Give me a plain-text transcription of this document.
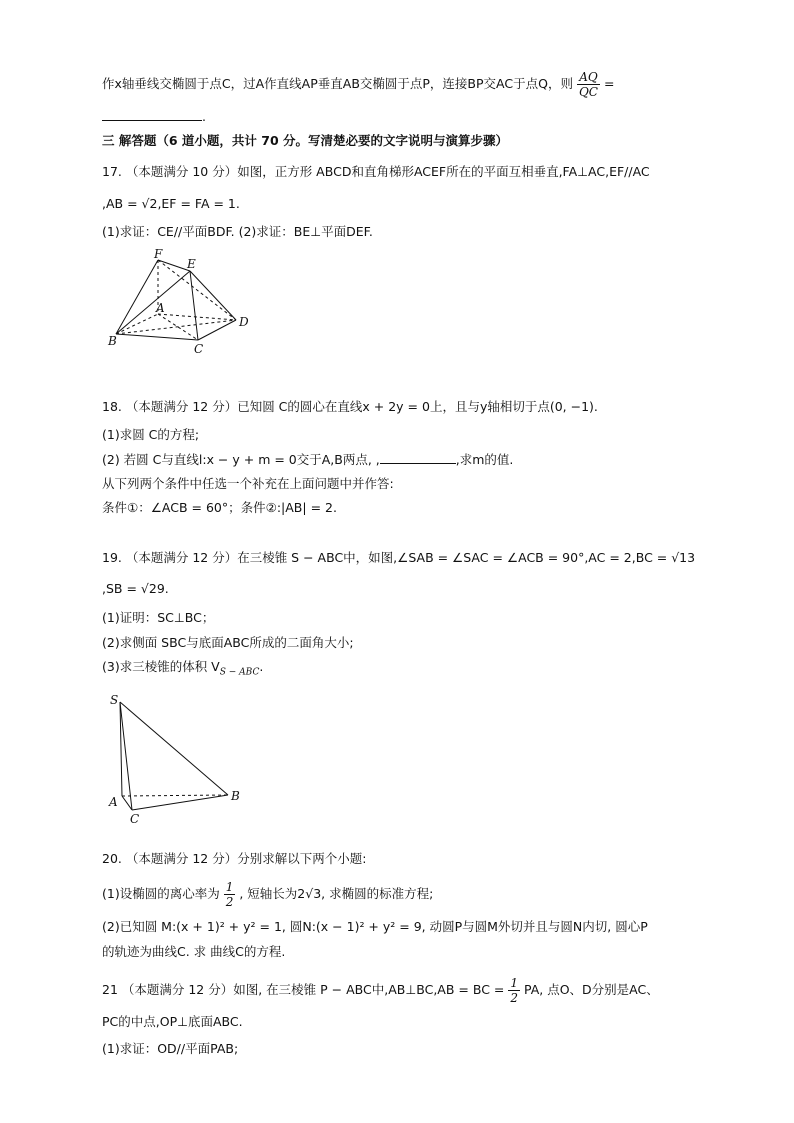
作x轴垂线交椭圆于点C，过A作直线AP垂直AB交椭圆于点P，连接BP交AC于点Q，则 $\frac{AQ}{QC}$ =
.
三 解答题（6 道小题，共计 70 分。写清楚必要的文字说明与演算步骤）
17. （本题满分 10 分）如图，正方形 ABCD和直角梯形ACEF所在的平面互相垂直,FA⊥AC,EF//AC
,AB = √2,EF = FA = 1.
(1)求证：CE//平面BDF. (2)求证：BE⊥平面DEF.
F
E
A
D
B
C
18. （本题满分 12 分）已知圆 C的圆心在直线x + 2y = 0上，且与y轴相切于点(0, −1).
(1)求圆 C的方程;
(2) 若圆 C与直线l:x − y + m = 0交于A,B两点, ,	,求m的值.
从下列两个条件中任选一个补充在上面问题中并作答:
条件①：∠ACB = 60°；条件②:|AB| = 2.
19. （本题满分 12 分）在三棱锥 S − ABC中，如图,∠SAB = ∠SAC = ∠ACB = 90°,AC = 2,BC = √13
,SB = √29.
(1)证明：SC⊥BC；
(2)求侧面 SBC与底面ABC所成的二面角大小;
(3)求三棱锥的体积 $V_{S - ABC}$.
S
A	B
C
20. （本题满分 12 分）分别求解以下两个小题:
(1)设椭圆的离心率为 $\frac{1}{2}$ , 短轴长为2√3, 求椭圆的标准方程;
(2)已知圆 M:(x + 1)² + y² = 1, 圆N:(x − 1)² + y² = 9, 动圆P与圆M外切并且与圆N内切, 圆心P
的轨迹为曲线C. 求 曲线C的方程.
21 （本题满分 12 分）如图, 在三棱锥 P − ABC中,AB⊥BC,AB = BC = $\frac{1}{2}$ PA, 点O、D分别是AC、
PC的中点,OP⊥底面ABC.
(1)求证：OD//平面PAB;
